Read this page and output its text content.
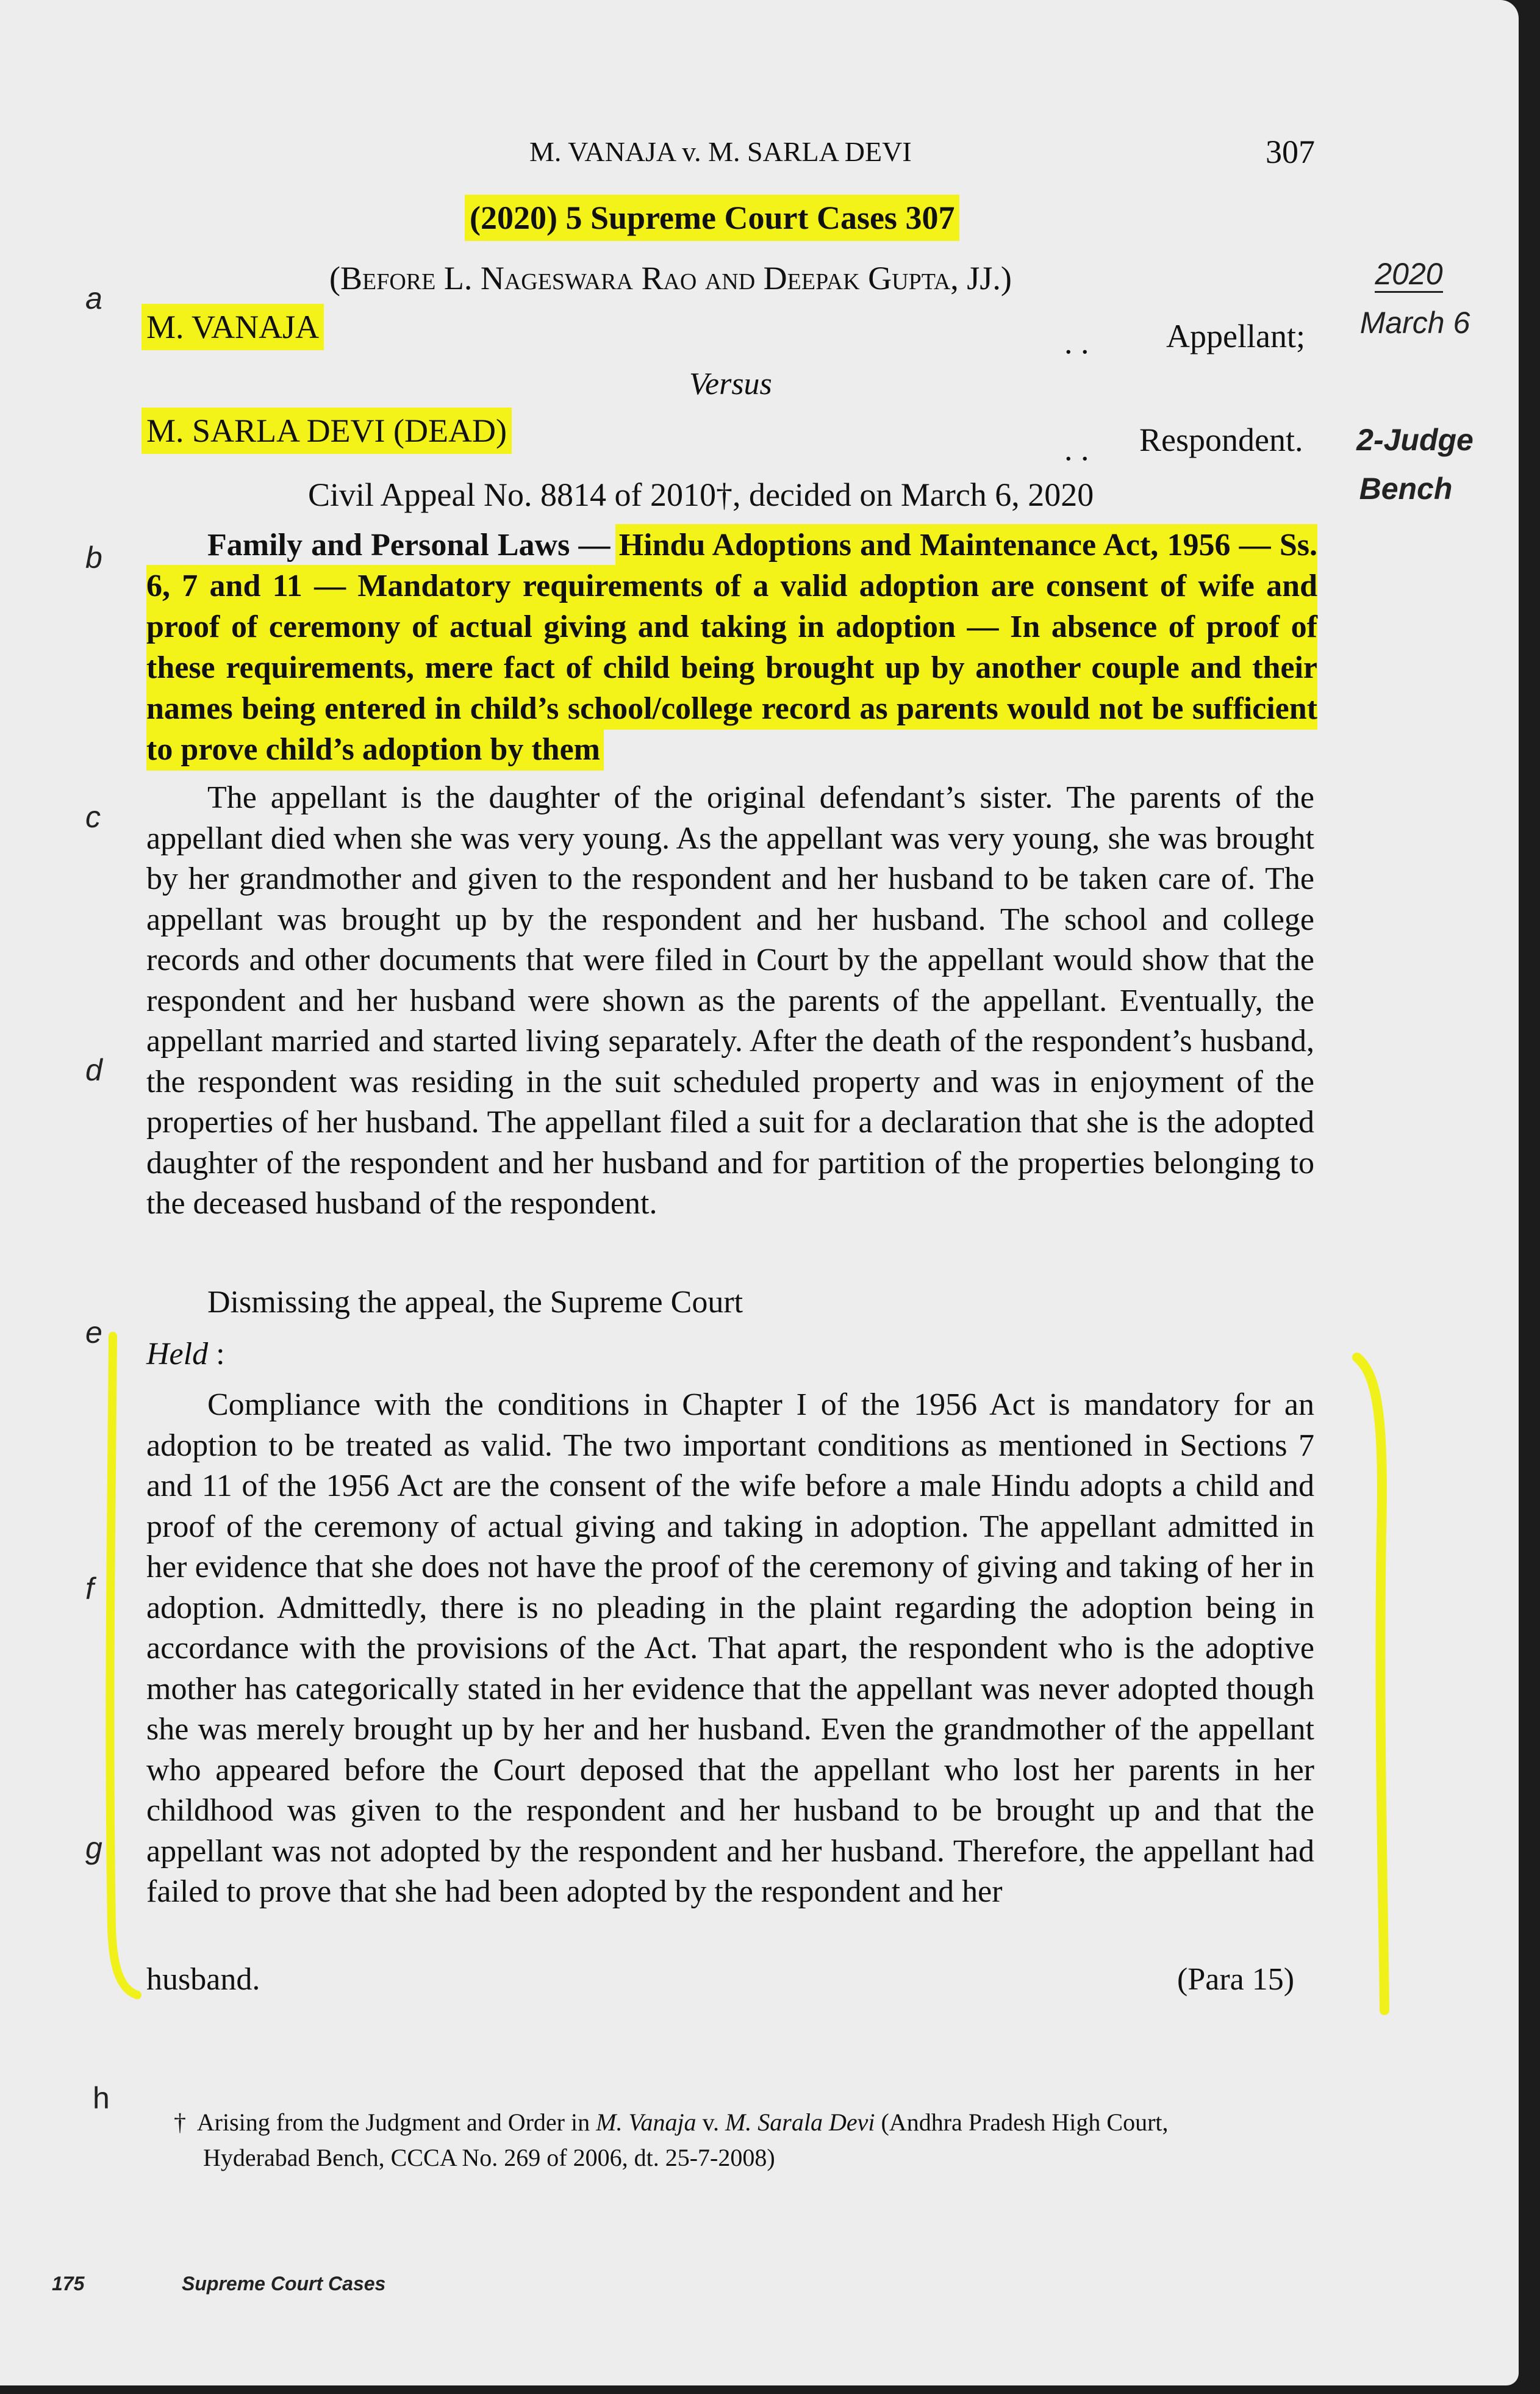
M. VANAJA v. M. SARLA DEVI	307
(2020) 5 Supreme Court Cases 307
(Before L. Nageswara Rao and Deepak Gupta, JJ.)	2020
March 6
2-Judge
Bench
a
b
c
d
e
f
g
h
M. VANAJA	. . Appellant;
Versus
M. SARLA DEVI (DEAD)	. . Respondent.
Civil Appeal No. 8814 of 2010†, decided on March 6, 2020
Family and Personal Laws — Hindu Adoptions and Maintenance Act, 1956 — Ss. 6, 7 and 11 — Mandatory requirements of a valid adoption are consent of wife and proof of ceremony of actual giving and taking in adoption — In absence of proof of these requirements, mere fact of child being brought up by another couple and their names being entered in child’s school/college record as parents would not be sufficient to prove child’s adoption by them
The appellant is the daughter of the original defendant’s sister. The parents of the appellant died when she was very young. As the appellant was very young, she was brought by her grandmother and given to the respondent and her husband to be taken care of. The appellant was brought up by the respondent and her husband. The school and college records and other documents that were filed in Court by the appellant would show that the respondent and her husband were shown as the parents of the appellant. Eventually, the appellant married and started living separately. After the death of the respondent’s husband, the respondent was residing in the suit scheduled property and was in enjoyment of the properties of her husband. The appellant filed a suit for a declaration that she is the adopted daughter of the respondent and her husband and for partition of the properties belonging to the deceased husband of the respondent.
Dismissing the appeal, the Supreme Court
Held :
Compliance with the conditions in Chapter I of the 1956 Act is mandatory for an adoption to be treated as valid. The two important conditions as mentioned in Sections 7 and 11 of the 1956 Act are the consent of the wife before a male Hindu adopts a child and proof of the ceremony of actual giving and taking in adoption. The appellant admitted in her evidence that she does not have the proof of the ceremony of giving and taking of her in adoption. Admittedly, there is no pleading in the plaint regarding the adoption being in accordance with the provisions of the Act. That apart, the respondent who is the adoptive mother has categorically stated in her evidence that the appellant was never adopted though she was merely brought up by her and her husband. Even the grandmother of the appellant who appeared before the Court deposed that the appellant who lost her parents in her childhood was given to the respondent and her husband to be brought up and that the appellant was not adopted by the respondent and her husband. Therefore, the appellant had failed to prove that she had been adopted by the respondent and her
husband.	(Para 15)
† Arising from the Judgment and Order in M. Vanaja v. M. Sarala Devi (Andhra Pradesh High Court,
Hyderabad Bench, CCCA No. 269 of 2006, dt. 25-7-2008)
175	Supreme Court Cases
